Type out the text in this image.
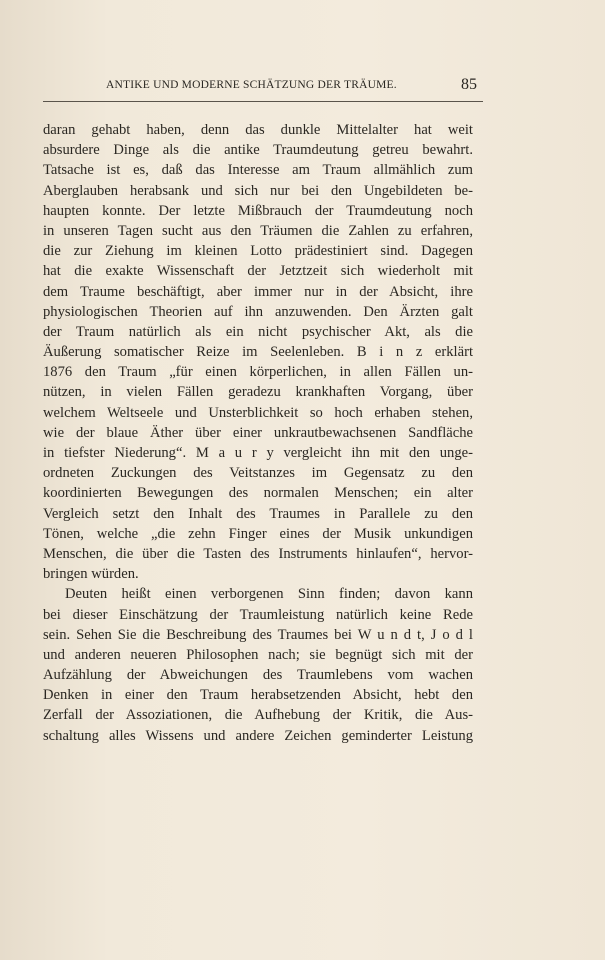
ANTIKE UND MODERNE SCHÄTZUNG DER TRÄUME.	85
daran gehabt haben, denn das dunkle Mittelalter hat weit
absurdere Dinge als die antike Traumdeutung getreu bewahrt.
Tatsache ist es, daß das Interesse am Traum allmählich zum
Aberglauben herabsank und sich nur bei den Ungebildeten be-
haupten konnte. Der letzte Mißbrauch der Traumdeutung noch
in unseren Tagen sucht aus den Träumen die Zahlen zu erfahren,
die zur Ziehung im kleinen Lotto prädestiniert sind. Dagegen
hat die exakte Wissenschaft der Jetztzeit sich wiederholt mit
dem Traume beschäftigt, aber immer nur in der Absicht, ihre
physiologischen Theorien auf ihn anzuwenden. Den Ärzten galt
der Traum natürlich als ein nicht psychischer Akt, als die
Äußerung somatischer Reize im Seelenleben. B i n z erklärt
1876 den Traum „für einen körperlichen, in allen Fällen un-
nützen, in vielen Fällen geradezu krankhaften Vorgang, über
welchem Weltseele und Unsterblichkeit so hoch erhaben stehen,
wie der blaue Äther über einer unkrautbewachsenen Sandfläche
in tiefster Niederung“. M a u r y vergleicht ihn mit den unge-
ordneten Zuckungen des Veitstanzes im Gegensatz zu den
koordinierten Bewegungen des normalen Menschen; ein alter
Vergleich setzt den Inhalt des Traumes in Parallele zu den
Tönen, welche „die zehn Finger eines der Musik unkundigen
Menschen, die über die Tasten des Instruments hinlaufen“, hervor-
bringen würden.
Deuten heißt einen verborgenen Sinn finden; davon kann
bei dieser Einschätzung der Traumleistung natürlich keine Rede
sein. Sehen Sie die Beschreibung des Traumes bei W u n d t, J o d l
und anderen neueren Philosophen nach; sie begnügt sich mit der
Aufzählung der Abweichungen des Traumlebens vom wachen
Denken in einer den Traum herabsetzenden Absicht, hebt den
Zerfall der Assoziationen, die Aufhebung der Kritik, die Aus-
schaltung alles Wissens und andere Zeichen geminderter Leistung
